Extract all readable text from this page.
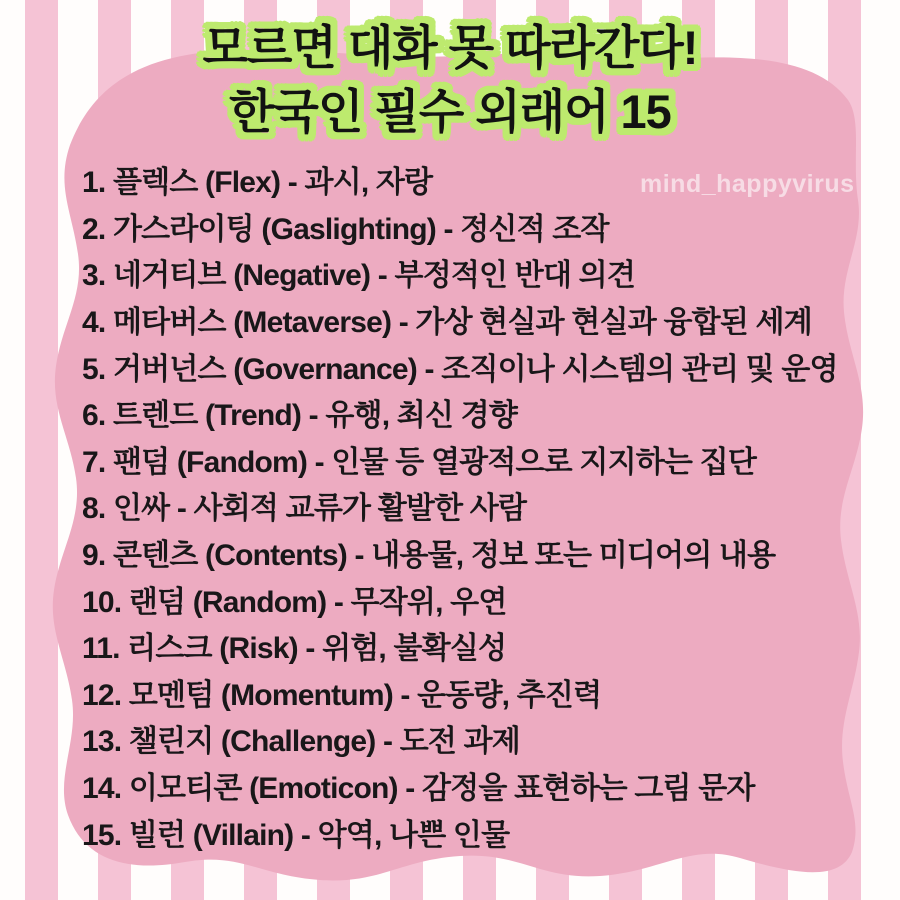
모르면 대화 못 따라간다!
한국인 필수 외래어 15
mind_happyvirus
1. 플렉스 (Flex) - 과시, 자랑
2. 가스라이팅 (Gaslighting) - 정신적 조작
3. 네거티브 (Negative) - 부정적인 반대 의견
4. 메타버스 (Metaverse) - 가상 현실과 현실과 융합된 세계
5. 거버넌스 (Governance) - 조직이나 시스템의 관리 및 운영
6. 트렌드 (Trend) - 유행, 최신 경향
7. 팬덤 (Fandom) - 인물 등 열광적으로 지지하는 집단
8. 인싸 - 사회적 교류가 활발한 사람
9. 콘텐츠 (Contents) - 내용물, 정보 또는 미디어의 내용
10. 랜덤 (Random) - 무작위, 우연
11. 리스크 (Risk) - 위험, 불확실성
12. 모멘텀 (Momentum) - 운동량, 추진력
13. 챌린지 (Challenge) - 도전 과제
14. 이모티콘 (Emoticon) - 감정을 표현하는 그림 문자
15. 빌런 (Villain) - 악역, 나쁜 인물
